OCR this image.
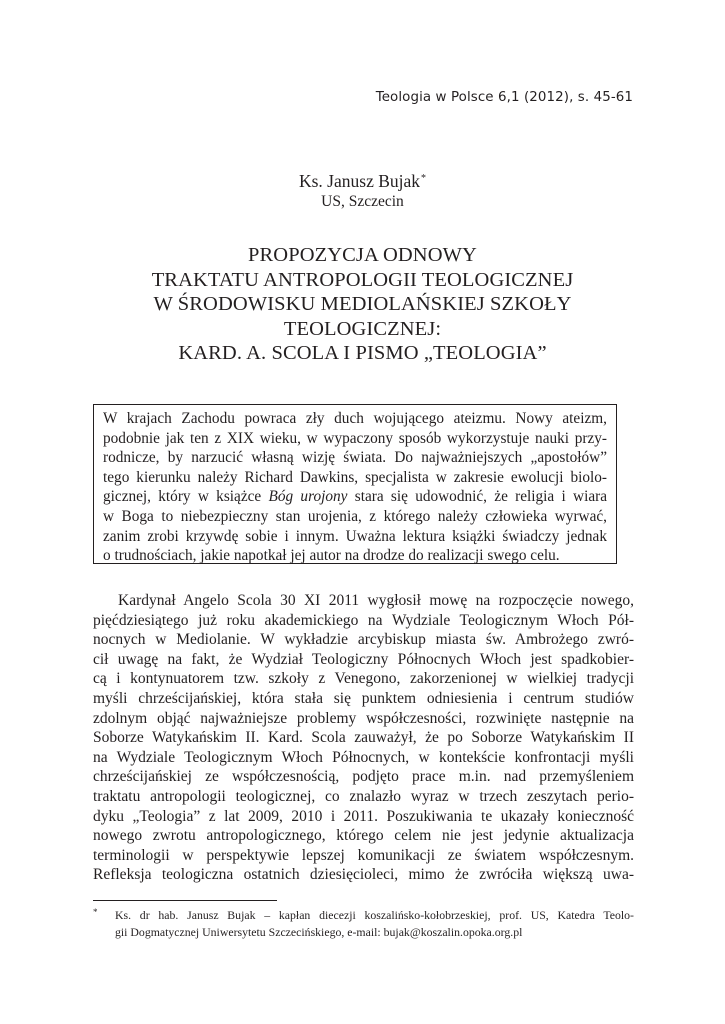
Teologia w Polsce 6,1 (2012), s. 45-61
Ks. Janusz Bujak*
US, Szczecin
PROPOZYCJA ODNOWY
TRAKTATU ANTROPOLOGII TEOLOGICZNEJ
W ŚRODOWISKU MEDIOLAŃSKIEJ SZKOŁY
TEOLOGICZNEJ:
KARD. A. SCOLA I PISMO „TEOLOGIA”
W krajach Zachodu powraca zły duch wojującego ateizmu. Nowy ateizm,
podobnie jak ten z XIX wieku, w wypaczony sposób wykorzystuje nauki przy-
rodnicze, by narzucić własną wizję świata. Do najważniejszych „apostołów”
tego kierunku należy Richard Dawkins, specjalista w zakresie ewolucji biolo-
gicznej, który w książce Bóg urojony stara się udowodnić, że religia i wiara
w Boga to niebezpieczny stan urojenia, z którego należy człowieka wyrwać,
zanim zrobi krzywdę sobie i innym. Uważna lektura książki świadczy jednak
o trudnościach, jakie napotkał jej autor na drodze do realizacji swego celu.
Kardynał Angelo Scola 30 XI 2011 wygłosił mowę na rozpoczęcie nowego,
pięćdziesiątego już roku akademickiego na Wydziale Teologicznym Włoch Pół-
nocnych w Mediolanie. W wykładzie arcybiskup miasta św. Ambrożego zwró-
cił uwagę na fakt, że Wydział Teologiczny Północnych Włoch jest spadkobier-
cą i kontynuatorem tzw. szkoły z Venegono, zakorzenionej w wielkiej tradycji
myśli chrześcijańskiej, która stała się punktem odniesienia i centrum studiów
zdolnym objąć najważniejsze problemy współczesności, rozwinięte następnie na
Soborze Watykańskim II. Kard. Scola zauważył, że po Soborze Watykańskim II
na Wydziale Teologicznym Włoch Północnych, w kontekście konfrontacji myśli
chrześcijańskiej ze współczesnością, podjęto prace m.in. nad przemyśleniem
traktatu antropologii teologicznej, co znalazło wyraz w trzech zeszytach perio-
dyku „Teologia” z lat 2009, 2010 i 2011. Poszukiwania te ukazały konieczność
nowego zwrotu antropologicznego, którego celem nie jest jedynie aktualizacja
terminologii w perspektywie lepszej komunikacji ze światem współczesnym.
Refleksja teologiczna ostatnich dziesięcioleci, mimo że zwróciła większą uwa-
* Ks. dr hab. Janusz Bujak – kapłan diecezji koszalińsko-kołobrzeskiej, prof. US, Katedra Teolo-
gii Dogmatycznej Uniwersytetu Szczecińskiego, e-mail: bujak@koszalin.opoka.org.pl
